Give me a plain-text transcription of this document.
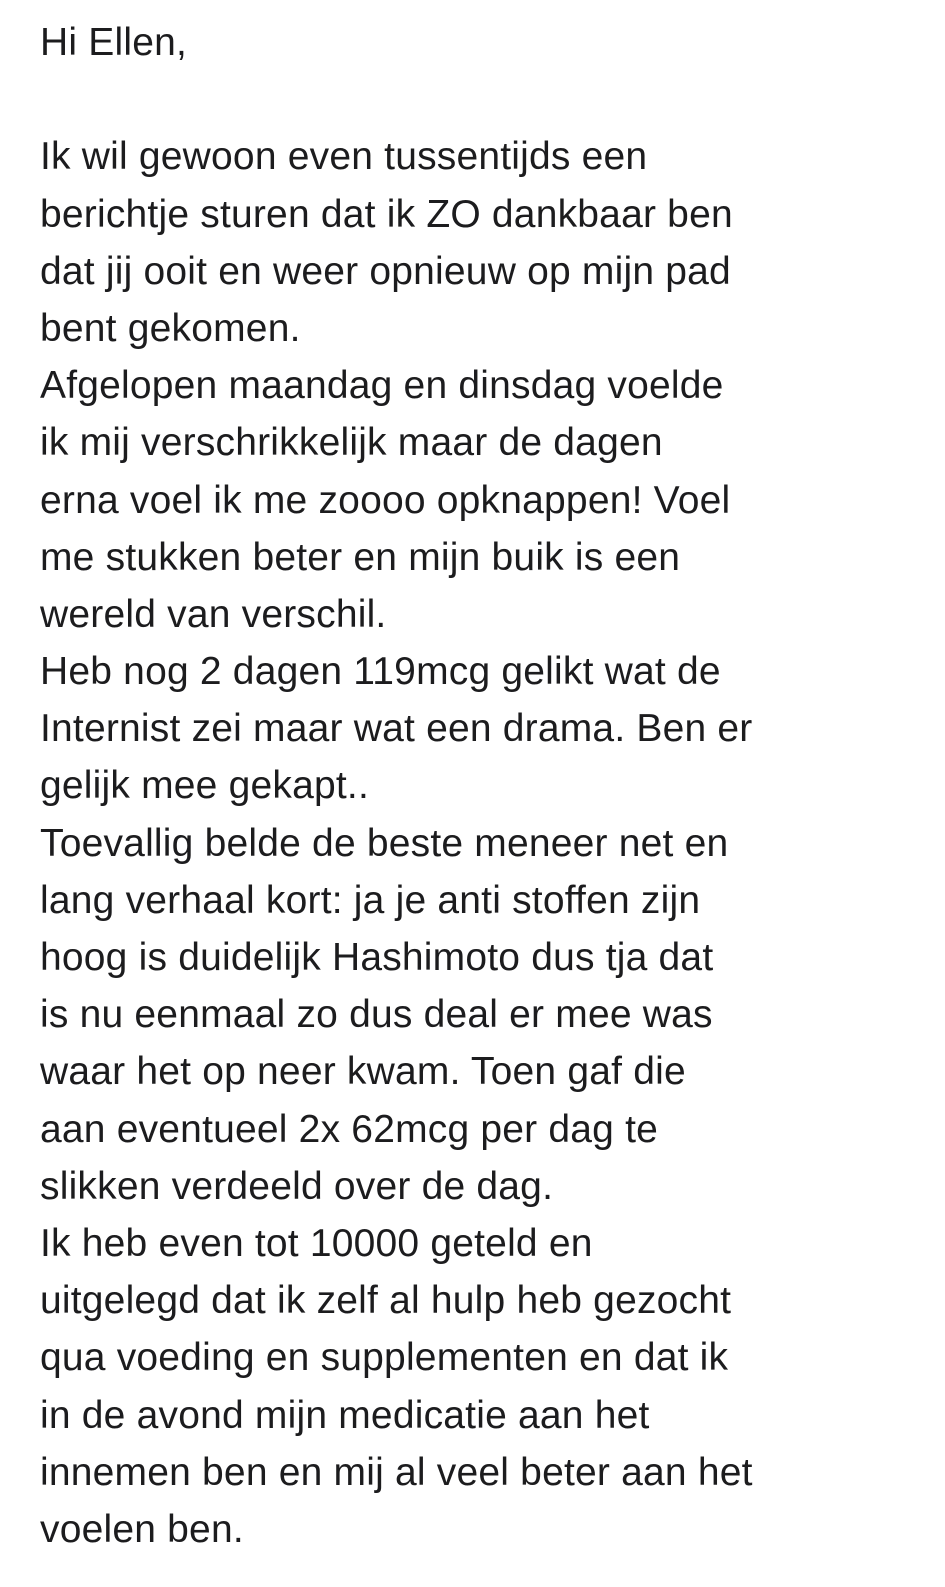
Hi Ellen,
Ik wil gewoon even tussentijds een
berichtje sturen dat ik ZO dankbaar ben
dat jij ooit en weer opnieuw op mijn pad
bent gekomen.
Afgelopen maandag en dinsdag voelde
ik mij verschrikkelijk maar de dagen
erna voel ik me zoooo opknappen! Voel
me stukken beter en mijn buik is een
wereld van verschil.
Heb nog 2 dagen 119mcg gelikt wat de
Internist zei maar wat een drama. Ben er
gelijk mee gekapt..
Toevallig belde de beste meneer net en
lang verhaal kort: ja je anti stoffen zijn
hoog is duidelijk Hashimoto dus tja dat
is nu eenmaal zo dus deal er mee was
waar het op neer kwam. Toen gaf die
aan eventueel 2x 62mcg per dag te
slikken verdeeld over de dag.
Ik heb even tot 10000 geteld en
uitgelegd dat ik zelf al hulp heb gezocht
qua voeding en supplementen en dat ik
in de avond mijn medicatie aan het
innemen ben en mij al veel beter aan het
voelen ben.
